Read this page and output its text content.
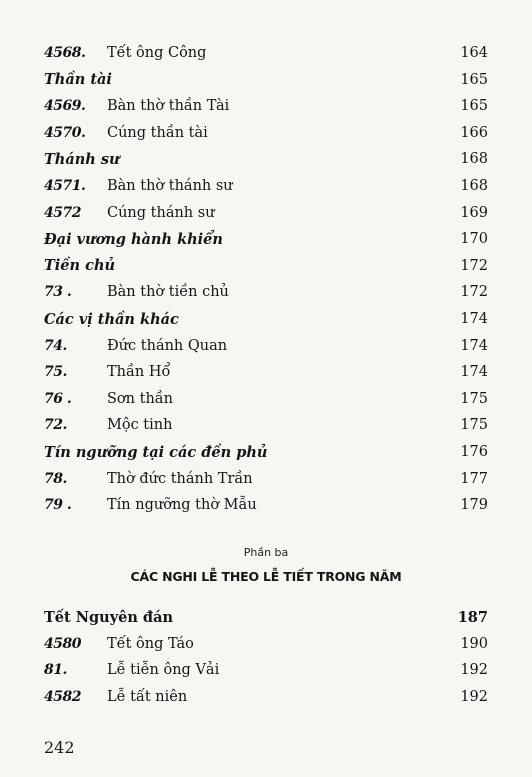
4568.	Tết ông Công	164
Thần tài	165
4569.	Bàn thờ thần Tài	165
4570.	Cúng thần tài	166
Thánh sư	168
4571.	Bàn thờ thánh sư	168
4572	Cúng thánh sư	169
Đại vương hành khiển	170
Tiền chủ	172
73 .	Bàn thờ tiền chủ	172
Các vị thần khác	174
74.	Đức thánh Quan	174
75.	Thần Hổ	174
76 .	Sơn thần	175
72.	Mộc tinh	175
Tín ngưỡng tại các đền phủ	176
78.	Thờ đức thánh Trần	177
79 .	Tín ngưỡng thờ Mẫu	179
Phần ba
CÁC NGHI LỄ THEO LỄ TIẾT TRONG NĂM
Tết Nguyên đán	187
4580	Tết ông Táo	190
81.	Lễ tiễn ông Vải	192
4582	Lễ tất niên	192
242
